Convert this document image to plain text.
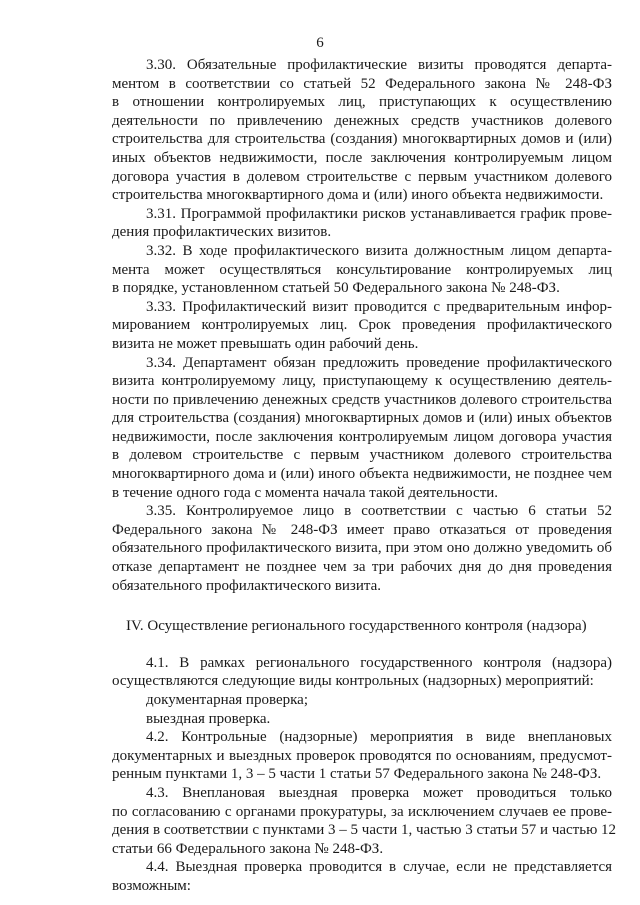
6
3.30. Обязательные профилактические визиты проводятся департа-
ментом в соответствии со статьей 52 Федерального закона № 248-ФЗ
в отношении контролируемых лиц, приступающих к осуществлению
деятельности по привлечению денежных средств участников долевого
строительства для строительства (создания) многоквартирных домов и (или)
иных объектов недвижимости, после заключения контролируемым лицом
договора участия в долевом строительстве с первым участником долевого
строительства многоквартирного дома и (или) иного объекта недвижимости.
3.31. Программой профилактики рисков устанавливается график прове-
дения профилактических визитов.
3.32. В ходе профилактического визита должностным лицом департа-
мента может осуществляться консультирование контролируемых лиц
в порядке, установленном статьей 50 Федерального закона № 248-ФЗ.
3.33. Профилактический визит проводится с предварительным инфор-
мированием контролируемых лиц. Срок проведения профилактического
визита не может превышать один рабочий день.
3.34. Департамент обязан предложить проведение профилактического
визита контролируемому лицу, приступающему к осуществлению деятель-
ности по привлечению денежных средств участников долевого строительства
для строительства (создания) многоквартирных домов и (или) иных объектов
недвижимости, после заключения контролируемым лицом договора участия
в долевом строительстве с первым участником долевого строительства
многоквартирного дома и (или) иного объекта недвижимости, не позднее чем
в течение одного года с момента начала такой деятельности.
3.35. Контролируемое лицо в соответствии с частью 6 статьи 52
Федерального закона № 248-ФЗ имеет право отказаться от проведения
обязательного профилактического визита, при этом оно должно уведомить об
отказе департамент не позднее чем за три рабочих дня до дня проведения
обязательного профилактического визита.
IV. Осуществление регионального государственного контроля (надзора)
4.1. В рамках регионального государственного контроля (надзора)
осуществляются следующие виды контрольных (надзорных) мероприятий:
документарная проверка;
выездная проверка.
4.2. Контрольные (надзорные) мероприятия в виде внеплановых
документарных и выездных проверок проводятся по основаниям, предусмот-
ренным пунктами 1, 3 – 5 части 1 статьи 57 Федерального закона № 248-ФЗ.
4.3. Внеплановая выездная проверка может проводиться только
по согласованию с органами прокуратуры, за исключением случаев ее прове-
дения в соответствии с пунктами 3 – 5 части 1, частью 3 статьи 57 и частью 12
статьи 66 Федерального закона № 248-ФЗ.
4.4. Выездная проверка проводится в случае, если не представляется
возможным:
